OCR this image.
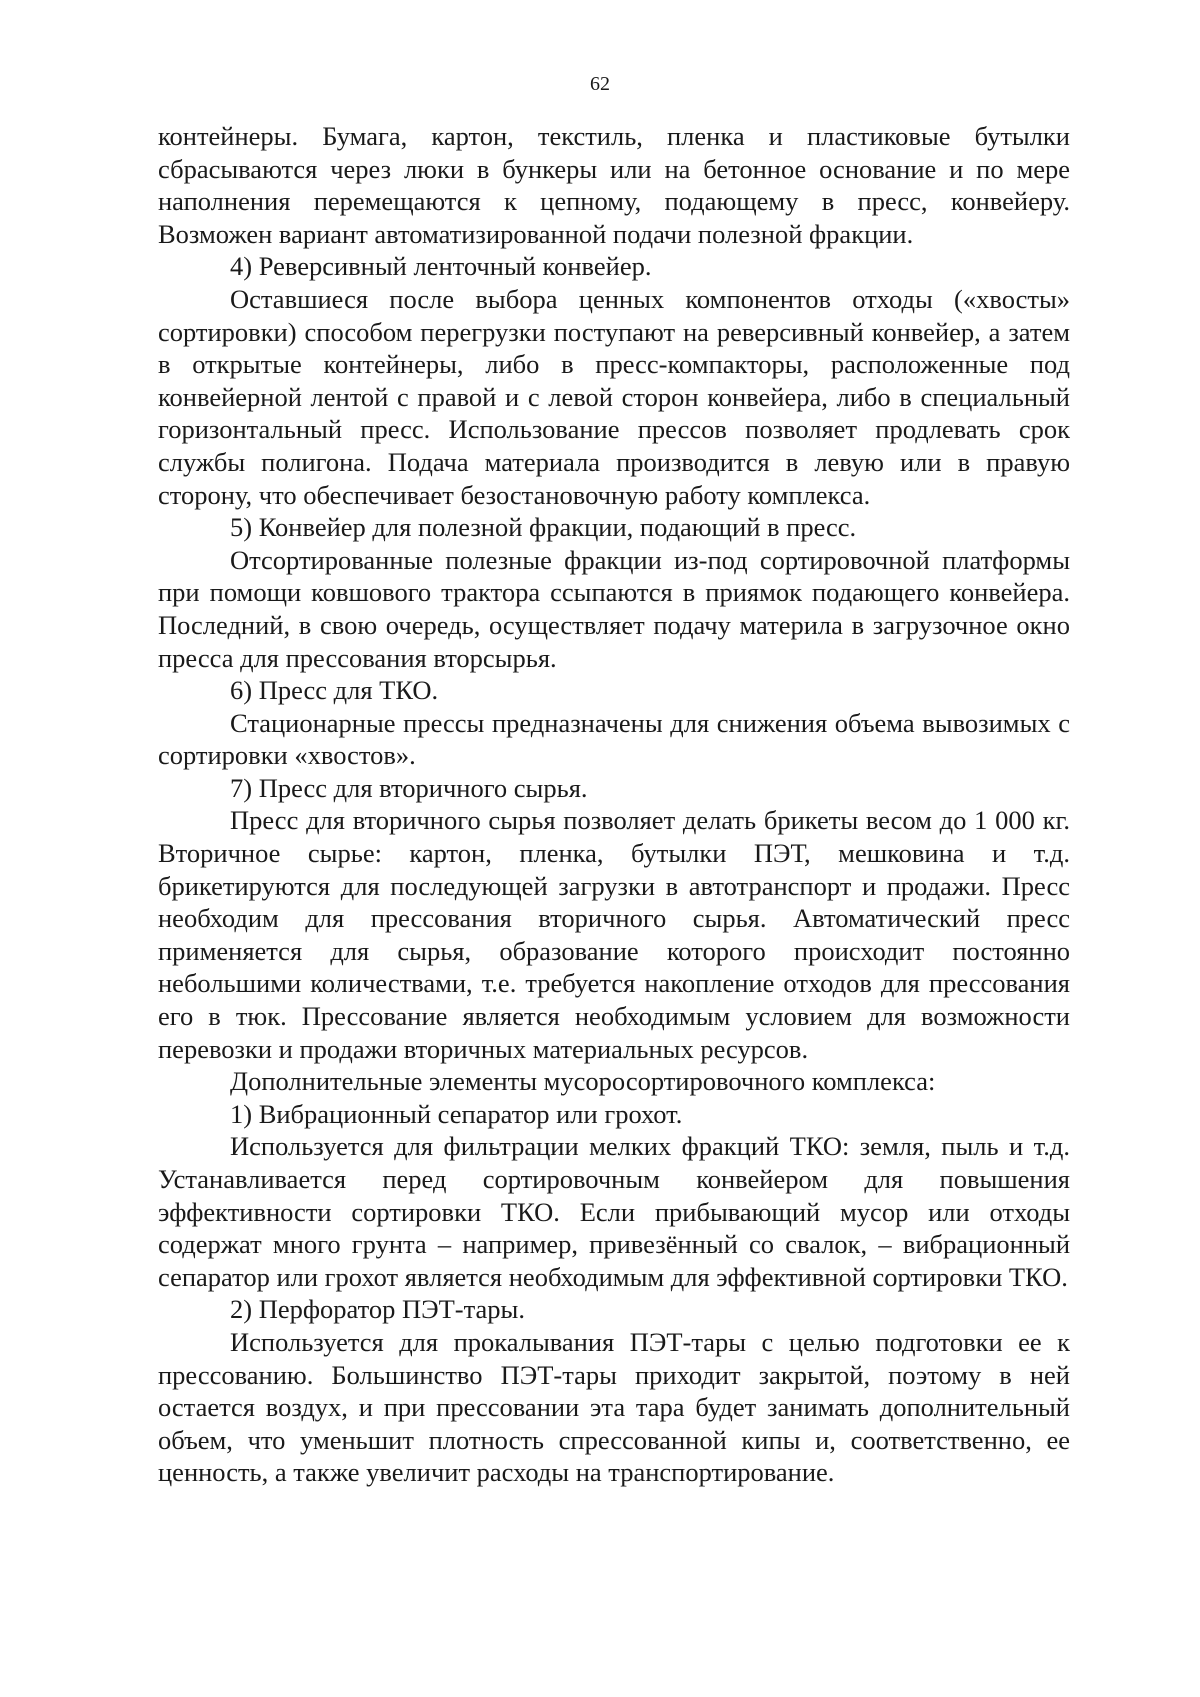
62

контейнеры. Бумага, картон, текстиль, пленка и пластиковые бутылки сбрасываются через люки в бункеры или на бетонное основание и по мере наполнения перемещаются к цепному, подающему в пресс, конвейеру. Возможен вариант автоматизированной подачи полезной фракции.

4) Реверсивный ленточный конвейер.

Оставшиеся после выбора ценных компонентов отходы («хвосты» сортировки) способом перегрузки поступают на реверсивный конвейер, а затем в открытые контейнеры, либо в пресс-компакторы, расположенные под конвейерной лентой с правой и с левой сторон конвейера, либо в специальный горизонтальный пресс. Использование прессов позволяет продлевать срок службы полигона. Подача материала производится в левую или в правую сторону, что обеспечивает безостановочную работу комплекса.

5) Конвейер для полезной фракции, подающий в пресс.

Отсортированные полезные фракции из-под сортировочной платформы при помощи ковшового трактора ссыпаются в приямок подающего конвейера. Последний, в свою очередь, осуществляет подачу материла в загрузочное окно пресса для прессования вторсырья.

6) Пресс для ТКО.

Стационарные прессы предназначены для снижения объема вывозимых с сортировки «хвостов».

7) Пресс для вторичного сырья.

Пресс для вторичного сырья позволяет делать брикеты весом до 1 000 кг. Вторичное сырье: картон, пленка, бутылки ПЭТ, мешковина и т.д. брикетируются для последующей загрузки в автотранспорт и продажи. Пресс необходим для прессования вторичного сырья. Автоматический пресс применяется для сырья, образование которого происходит постоянно небольшими количествами, т.е. требуется накопление отходов для прессования его в тюк. Прессование является необходимым условием для возможности перевозки и продажи вторичных материальных ресурсов.

Дополнительные элементы мусоросортировочного комплекса:

1) Вибрационный сепаратор или грохот.

Используется для фильтрации мелких фракций ТКО: земля, пыль и т.д. Устанавливается перед сортировочным конвейером для повышения эффективности сортировки ТКО. Если прибывающий мусор или отходы содержат много грунта – например, привезённый со свалок, – вибрационный сепаратор или грохот является необходимым для эффективной сортировки ТКО.

2) Перфоратор ПЭТ-тары.

Используется для прокалывания ПЭТ-тары с целью подготовки ее к прессованию. Большинство ПЭТ-тары приходит закрытой, поэтому в ней остается воздух, и при прессовании эта тара будет занимать дополнительный объем, что уменьшит плотность спрессованной кипы и, соответственно, ее ценность, а также увеличит расходы на транспортирование.
